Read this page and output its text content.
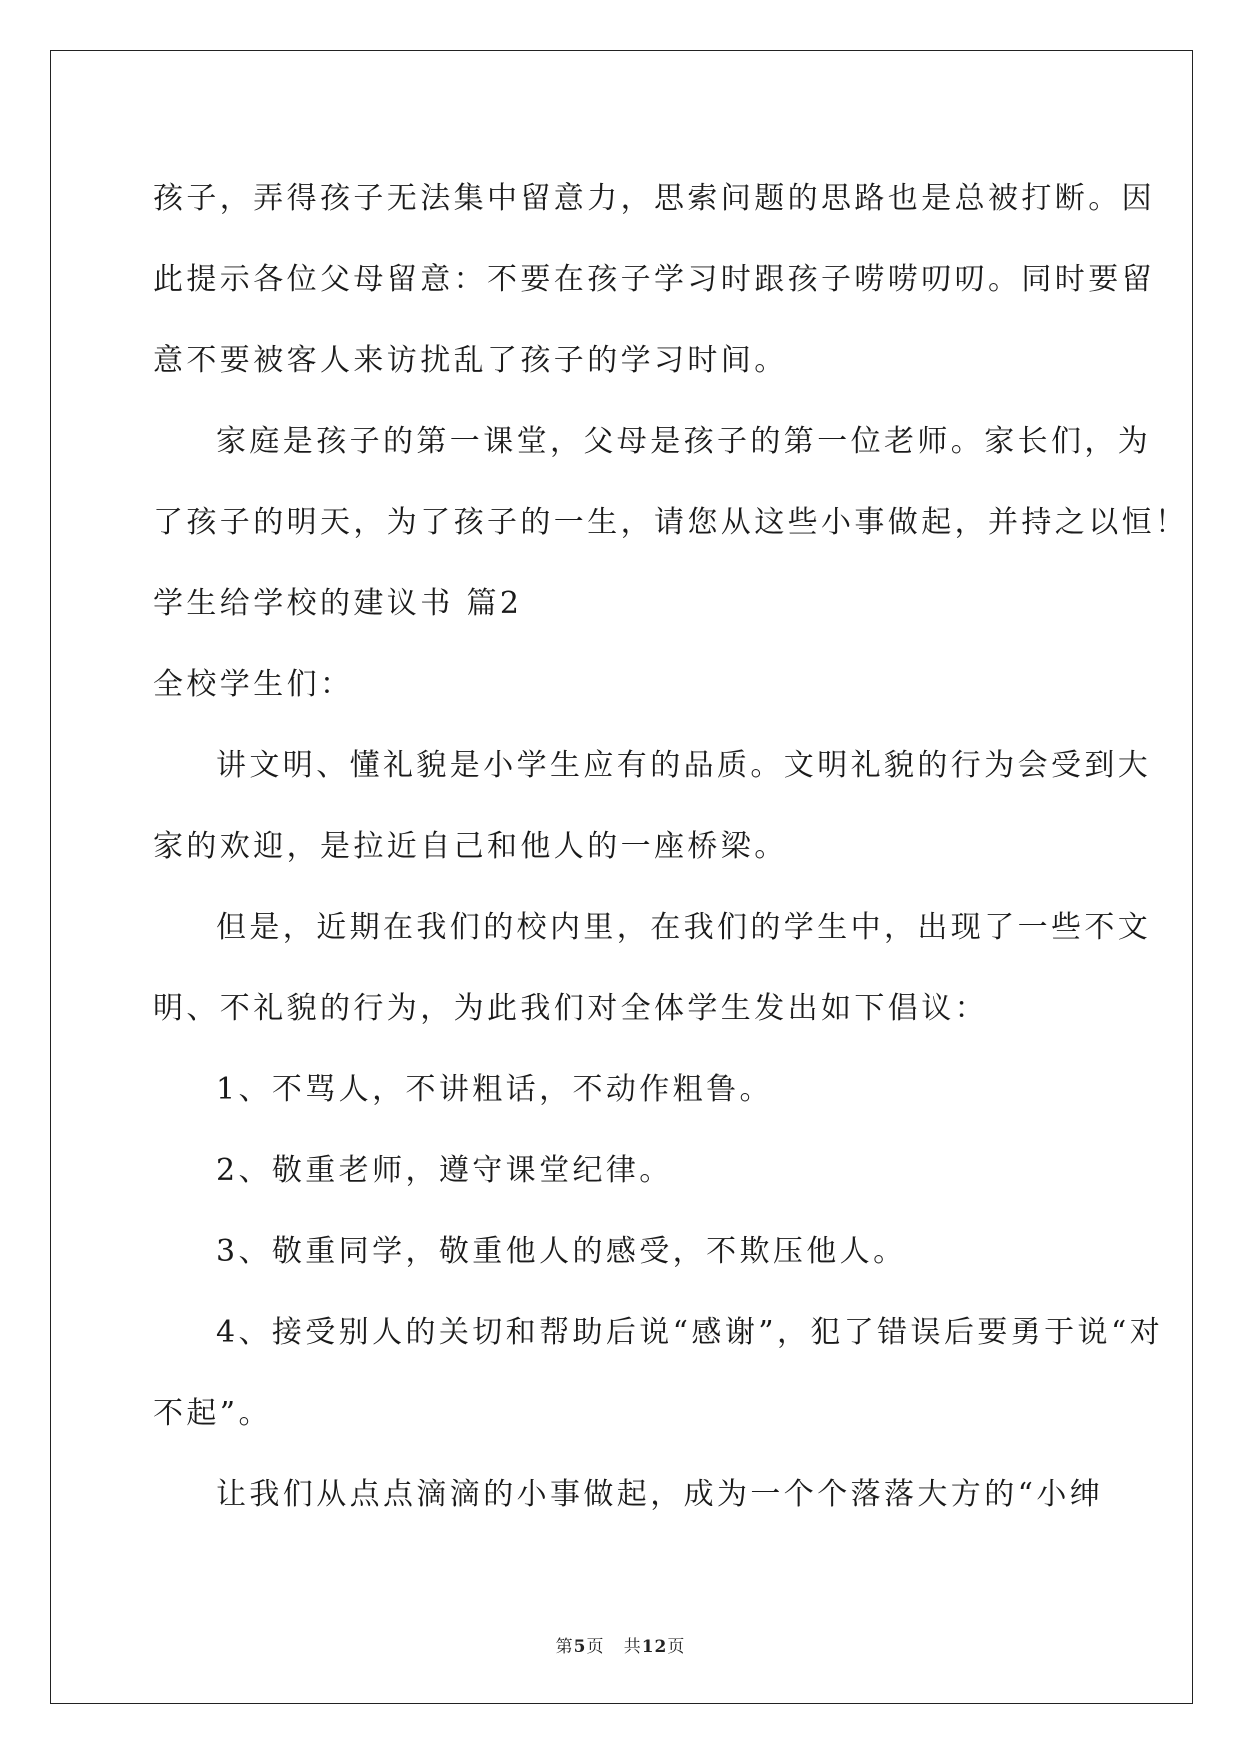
孩子，弄得孩子无法集中留意力，思索问题的思路也是总被打断。因

此提示各位父母留意：不要在孩子学习时跟孩子唠唠叨叨。同时要留

意不要被客人来访扰乱了孩子的学习时间。

家庭是孩子的第一课堂，父母是孩子的第一位老师。家长们，为

了孩子的明天，为了孩子的一生，请您从这些小事做起，并持之以恒！

学生给学校的建议书 篇2

全校学生们：

讲文明、懂礼貌是小学生应有的品质。文明礼貌的行为会受到大

家的欢迎，是拉近自己和他人的一座桥梁。

但是，近期在我们的校内里，在我们的学生中，出现了一些不文

明、不礼貌的行为，为此我们对全体学生发出如下倡议：

1、不骂人，不讲粗话，不动作粗鲁。

2、敬重老师，遵守课堂纪律。

3、敬重同学，敬重他人的感受，不欺压他人。

4、接受别人的关切和帮助后说“感谢”，犯了错误后要勇于说“对

不起”。

让我们从点点滴滴的小事做起，成为一个个落落大方的“小绅

第5页 共12页
